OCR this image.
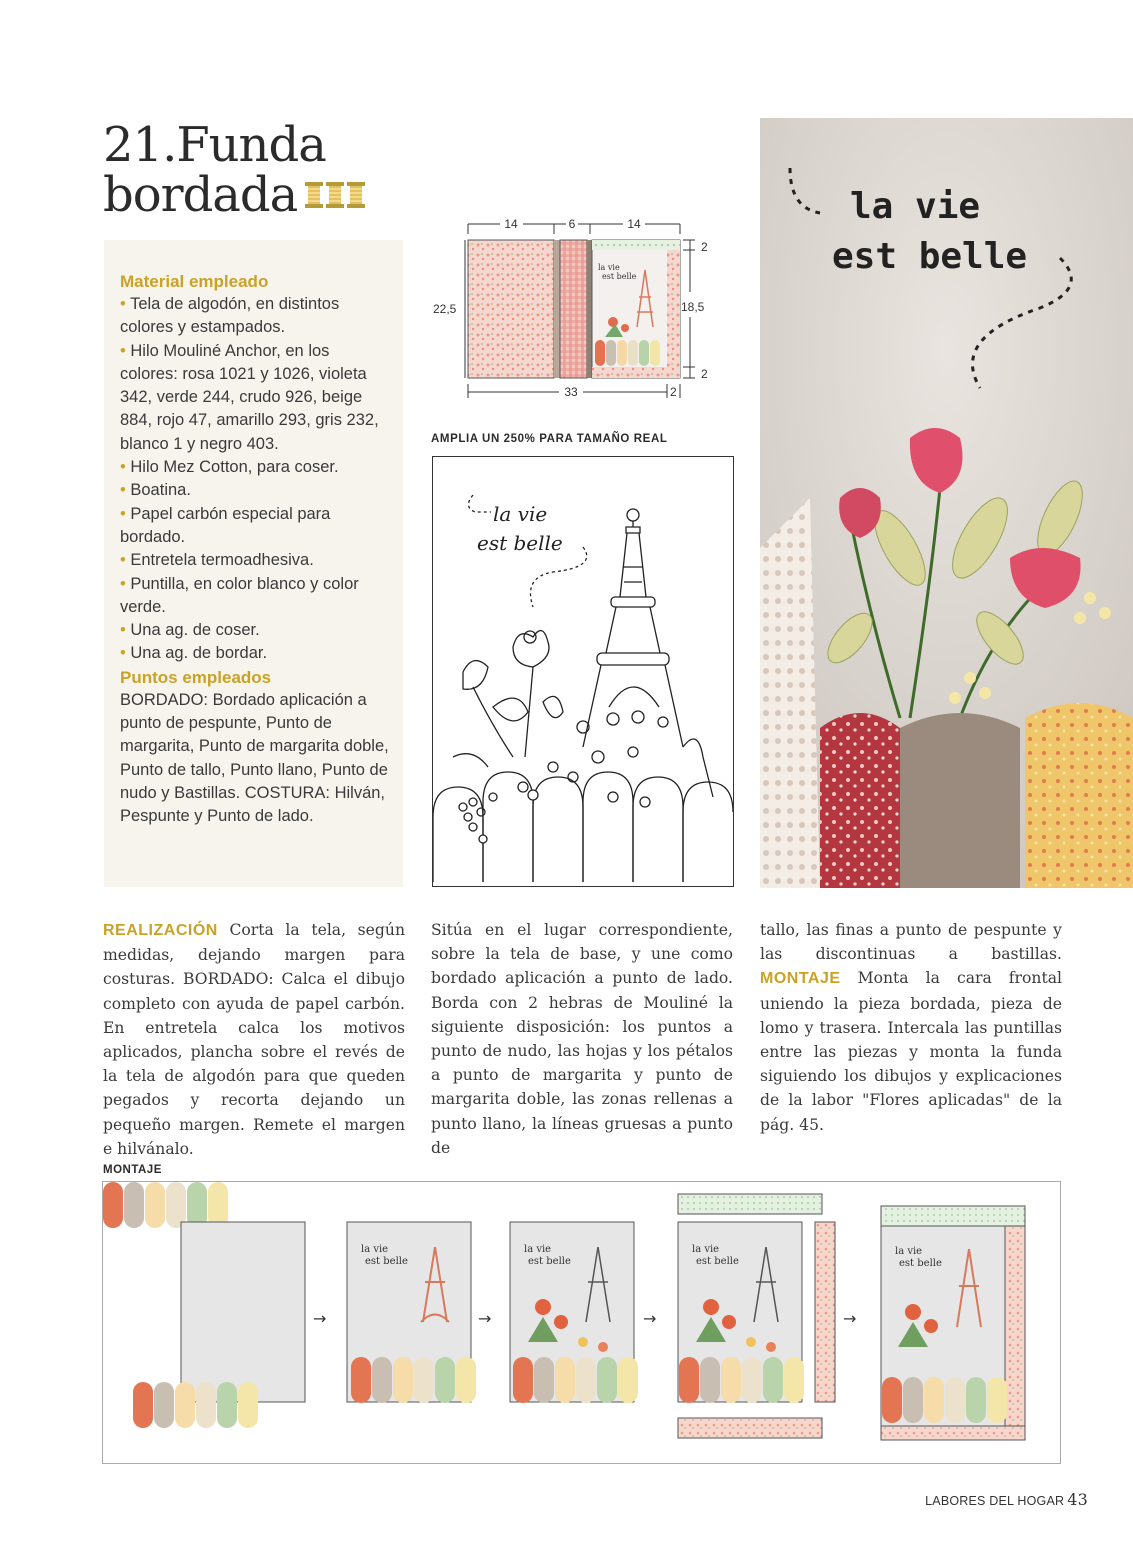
21.Funda
bordada
Material empleado
• Tela de algodón, en distintos colores y estampados.
• Hilo Mouliné Anchor, en los colores: rosa 1021 y 1026, violeta 342, verde 244, crudo 926, beige 884, rojo 47, amarillo 293, gris 232, blanco 1 y negro 403.
• Hilo Mez Cotton, para coser.
• Boatina.
• Papel carbón especial para bordado.
• Entretela termoadhesiva.
• Puntilla, en color blanco y color verde.
• Una ag. de coser.
• Una ag. de bordar.
Puntos empleados
BORDADO: Bordado aplicación a punto de pespunte, Punto de margarita, Punto de margarita doble, Punto de tallo, Punto llano, Punto de nudo y Bastillas. COSTURA: Hilván, Pespunte y Punto de lado.
14	6	14
la vie
est belle
22,5
2
18,5
2
33	2
AMPLIA UN 250% PARA TAMAÑO REAL
la vie
est belle
la vie
est belle
REALIZACIÓN Corta la tela, según medidas, dejando margen para costuras. BORDADO: Calca el dibujo completo con ayuda de papel carbón. En entretela calca los motivos aplicados, plancha sobre el revés de la tela de algodón para que queden pegados y recorta dejando un pequeño margen. Remete el margen e hilvánalo.
Sitúa en el lugar correspondiente, sobre la tela de base, y une como bordado aplicación a punto de lado. Borda con 2 hebras de Mouliné la siguiente disposición: los puntos a punto de nudo, las hojas y los pétalos a punto de margarita y punto de margarita doble, las zonas rellenas a punto llano, la líneas gruesas a punto de
tallo, las finas a punto de pespunte y las discontinuas a bastillas. MONTAJE Monta la cara frontal uniendo la pieza bordada, pieza de lomo y trasera. Intercala las puntillas entre las piezas y monta la funda siguiendo los dibujos y explicaciones de la labor "Flores aplicadas" de la pág. 45.
MONTAJE
→
la vie
est belle
→
la vie
est belle
→
la vie
est belle
→
la vie
est belle
LABORES DEL HOGAR 43
